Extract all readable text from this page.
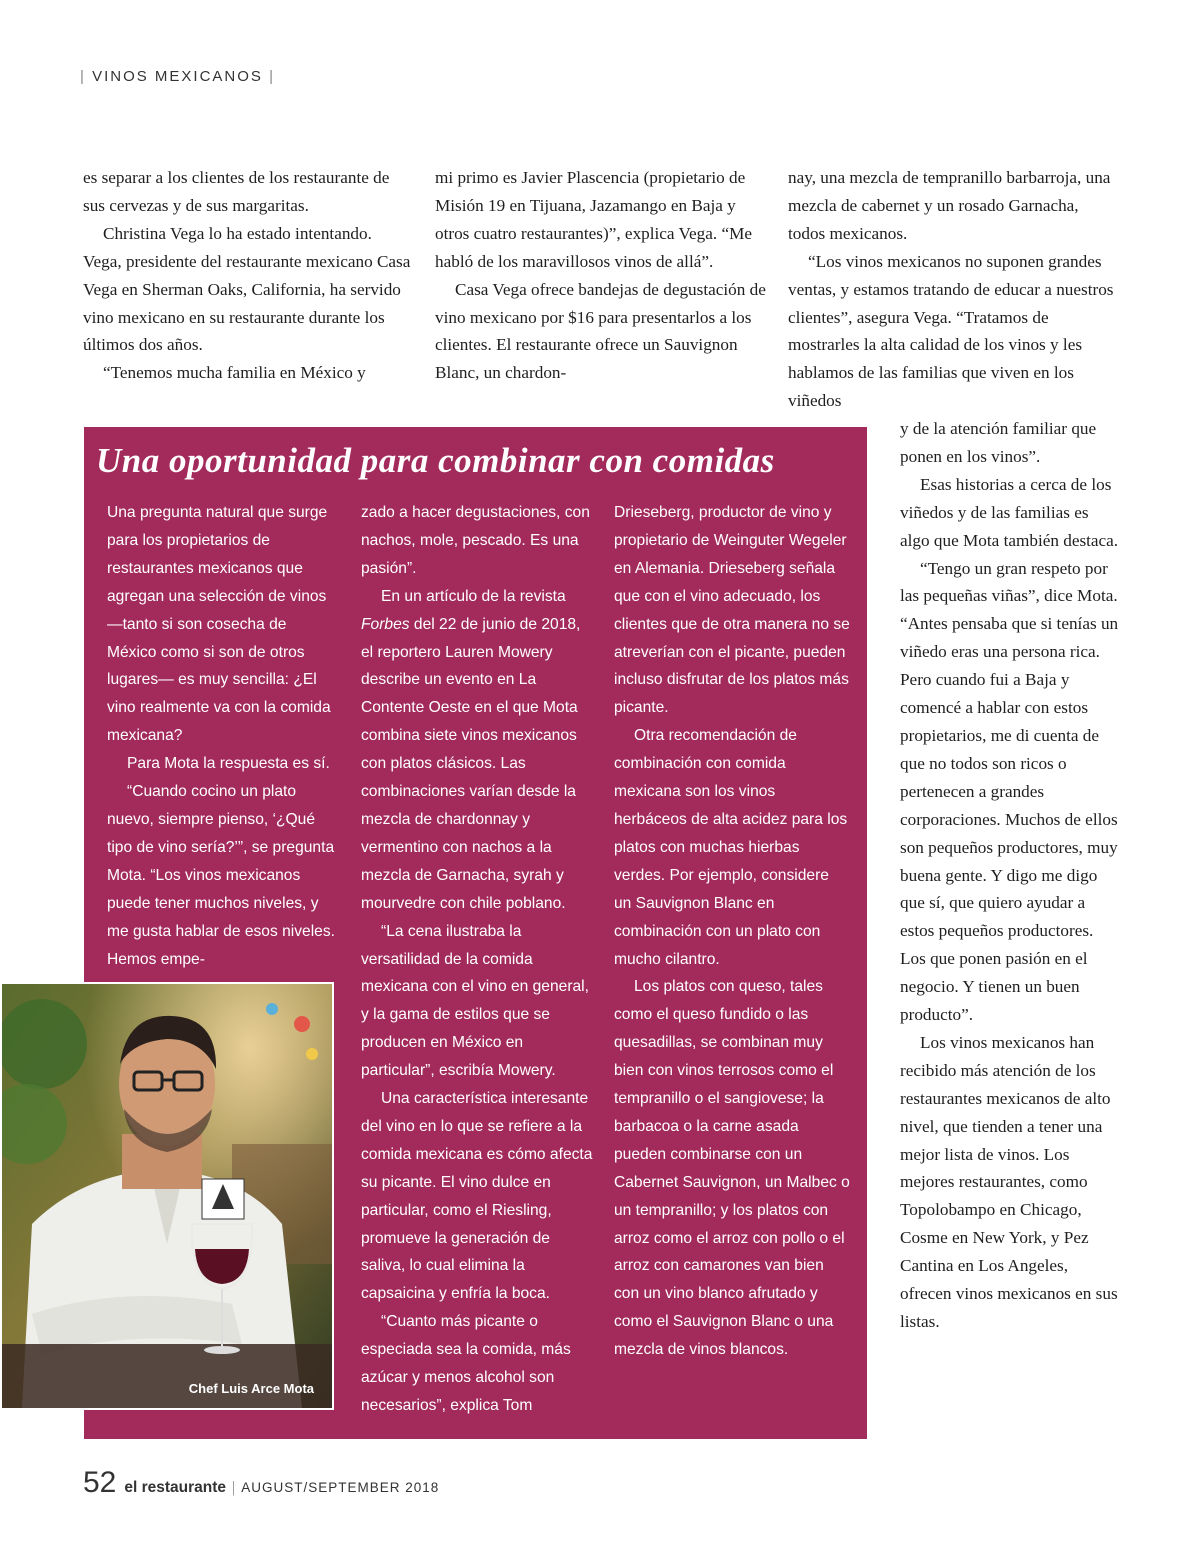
| VINOS MEXICANOS |

es separar a los clientes de los restaurante de sus cervezas y de sus margaritas.

Christina Vega lo ha estado intentando. Vega, presidente del restaurante mexicano Casa Vega en Sherman Oaks, California, ha servido vino mexicano en su restaurante durante los últimos dos años.

“Tenemos mucha familia en México y

mi primo es Javier Plascencia (propietario de Misión 19 en Tijuana, Jazamango en Baja y otros cuatro restaurantes)”, explica Vega. “Me habló de los maravillosos vinos de allá”.

Casa Vega ofrece bandejas de degustación de vino mexicano por $16 para presentarlos a los clientes. El restaurante ofrece un Sauvignon Blanc, un chardon-

nay, una mezcla de tempranillo barbarroja, una mezcla de cabernet y un rosado Garnacha, todos mexicanos.

“Los vinos mexicanos no suponen grandes ventas, y estamos tratando de educar a nuestros clientes”, asegura Vega. “Tratamos de mostrarles la alta calidad de los vinos y les hablamos de las familias que viven en los viñedos

y de la atención familiar que ponen en los vinos”.

Esas historias a cerca de los viñedos y de las familias es algo que Mota también destaca.

“Tengo un gran respeto por las pequeñas viñas”, dice Mota. “Antes pensaba que si tenías un viñedo eras una persona rica. Pero cuando fui a Baja y comencé a hablar con estos propietarios, me di cuenta de que no todos son ricos o pertenecen a grandes corporaciones. Muchos de ellos son pequeños productores, muy buena gente. Y digo me digo que sí, que quiero ayudar a estos pequeños productores. Los que ponen pasión en el negocio. Y tienen un buen producto”.

Los vinos mexicanos han recibido más atención de los restaurantes mexicanos de alto nivel, que tienden a tener una mejor lista de vinos. Los mejores restaurantes, como Topolobampo en Chicago, Cosme en New York, y Pez Cantina en Los Angeles, ofrecen vinos mexicanos en sus listas.

Una oportunidad para combinar con comidas

Una pregunta natural que surge para los propietarios de restaurantes mexicanos que agregan una selección de vinos —tanto si son cosecha de México como si son de otros lugares— es muy sencilla: ¿El vino realmente va con la comida mexicana?

Para Mota la respuesta es sí.

“Cuando cocino un plato nuevo, siempre pienso, ‘¿Qué tipo de vino sería?’”, se pregunta Mota. “Los vinos mexicanos puede tener muchos niveles, y me gusta hablar de esos niveles. Hemos empe-

zado a hacer degustaciones, con nachos, mole, pescado. Es una pasión”.

En un artículo de la revista Forbes del 22 de junio de 2018, el reportero Lauren Mowery describe un evento en La Contente Oeste en el que Mota combina siete vinos mexicanos con platos clásicos. Las combinaciones varían desde la mezcla de chardonnay y vermentino con nachos a la mezcla de Garnacha, syrah y mourvedre con chile poblano.

“La cena ilustraba la versatilidad de la comida mexicana con el vino en general, y la gama de estilos que se producen en México en particular”, escribía Mowery.

Una característica interesante del vino en lo que se refiere a la comida mexicana es cómo afecta su picante. El vino dulce en particular, como el Riesling, promueve la generación de saliva, lo cual elimina la capsaicina y enfría la boca.

“Cuanto más picante o especiada sea la comida, más azúcar y menos alcohol son necesarios”, explica Tom

Drieseberg, productor de vino y propietario de Weinguter Wegeler en Alemania. Drieseberg señala que con el vino adecuado, los clientes que de otra manera no se atreverían con el picante, pueden incluso disfrutar de los platos más picante.

Otra recomendación de combinación con comida mexicana son los vinos herbáceos de alta acidez para los platos con muchas hierbas verdes. Por ejemplo, considere un Sauvignon Blanc en combinación con un plato con mucho cilantro.

Los platos con queso, tales como el queso fundido o las quesadillas, se combinan muy bien con vinos terrosos como el tempranillo o el sangiovese; la barbacoa o la carne asada pueden combinarse con un Cabernet Sauvignon, un Malbec o un tempranillo; y los platos con arroz como el arroz con pollo o el arroz con camarones van bien con un vino blanco afrutado y como el Sauvignon Blanc o una mezcla de vinos blancos.

Chef Luis Arce Mota
52 el restaurante | AUGUST/SEPTEMBER 2018
